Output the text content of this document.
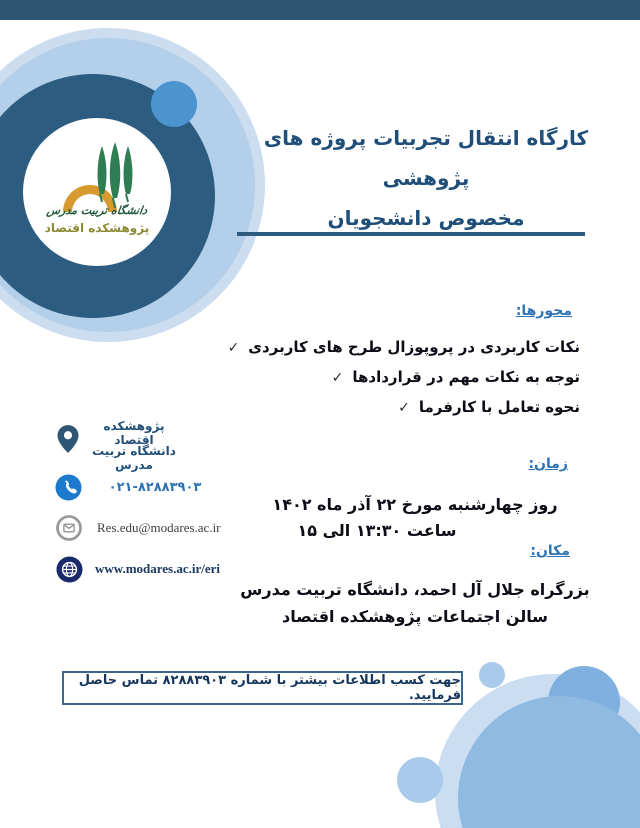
دانشگاه تربیت مدرس
پژوهشکده اقتصاد
کارگاه انتقال تجربیات پروژه های پژوهشی
مخصوص دانشجویان
محورها:
نکات کاربردی در پروپوزال طرح های کاربردی✓
توجه به نکات مهم در قراردادها✓
نحوه تعامل با کارفرما✓
پژوهشکده اقتصاد
دانشگاه تربیت مدرس
۰۲۱-۸۲۸۸۳۹۰۳
Res.edu@modares.ac.ir
www.modares.ac.ir/eri
زمان:
روز چهارشنبه مورخ ۲۲ آذر ماه ۱۴۰۲
ساعت ۱۳:۳۰ الی ۱۵
مکان:
بزرگراه جلال آل احمد، دانشگاه تربیت مدرس
سالن اجتماعات پژوهشکده اقتصاد
جهت کسب اطلاعات بیشتر با شماره ۸۲۸۸۳۹۰۳ تماس حاصل فرمایید.
